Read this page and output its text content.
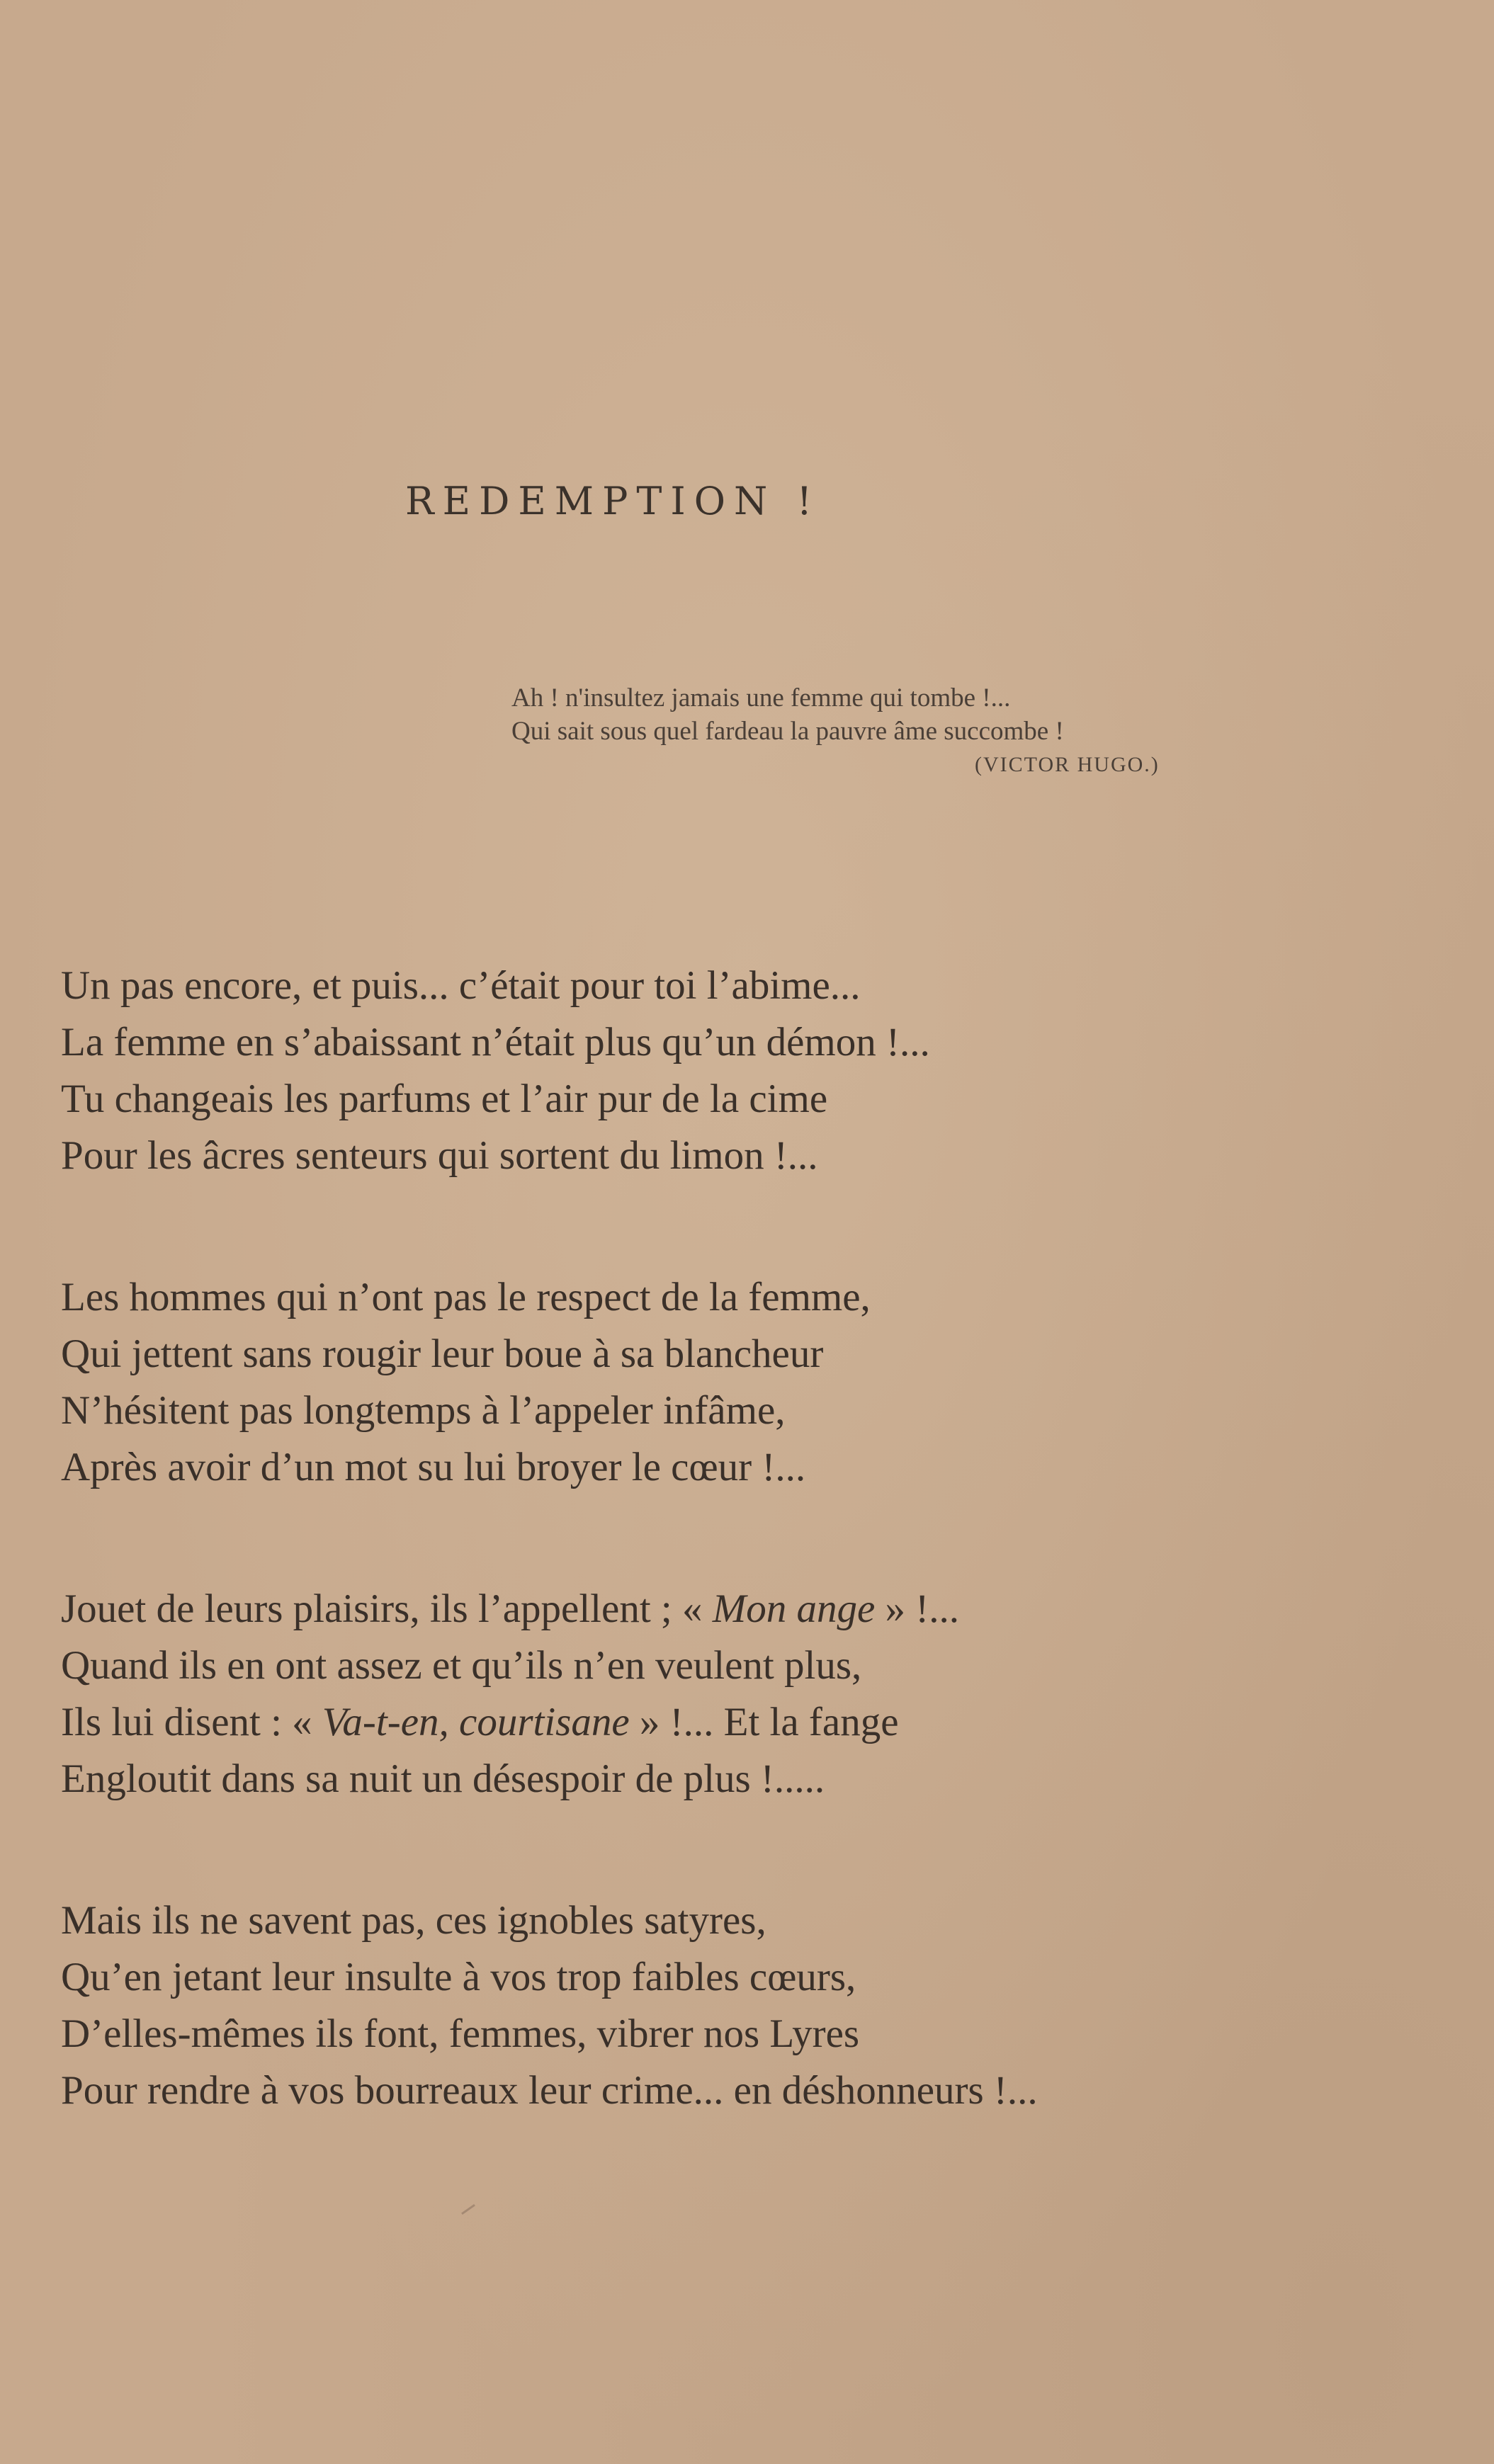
REDEMPTION !
Ah ! n'insultez jamais une femme qui tombe !...
Qui sait sous quel fardeau la pauvre âme succombe !
(VICTOR HUGO.)
Un pas encore, et puis... c’était pour toi l’abime...
La femme en s’abaissant n’était plus qu’un démon !...
Tu changeais les parfums et l’air pur de la cime
Pour les âcres senteurs qui sortent du limon !...
Les hommes qui n’ont pas le respect de la femme,
Qui jettent sans rougir leur boue à sa blancheur
N’hésitent pas longtemps à l’appeler infâme,
Après avoir d’un mot su lui broyer le cœur !...
Jouet de leurs plaisirs, ils l’appellent ; « Mon ange » !...
Quand ils en ont assez et qu’ils n’en veulent plus,
Ils lui disent : « Va-t-en, courtisane » !... Et la fange
Engloutit dans sa nuit un désespoir de plus !.....
Mais ils ne savent pas, ces ignobles satyres,
Qu’en jetant leur insulte à vos trop faibles cœurs,
D’elles-mêmes ils font, femmes, vibrer nos Lyres
Pour rendre à vos bourreaux leur crime... en déshonneurs !...
